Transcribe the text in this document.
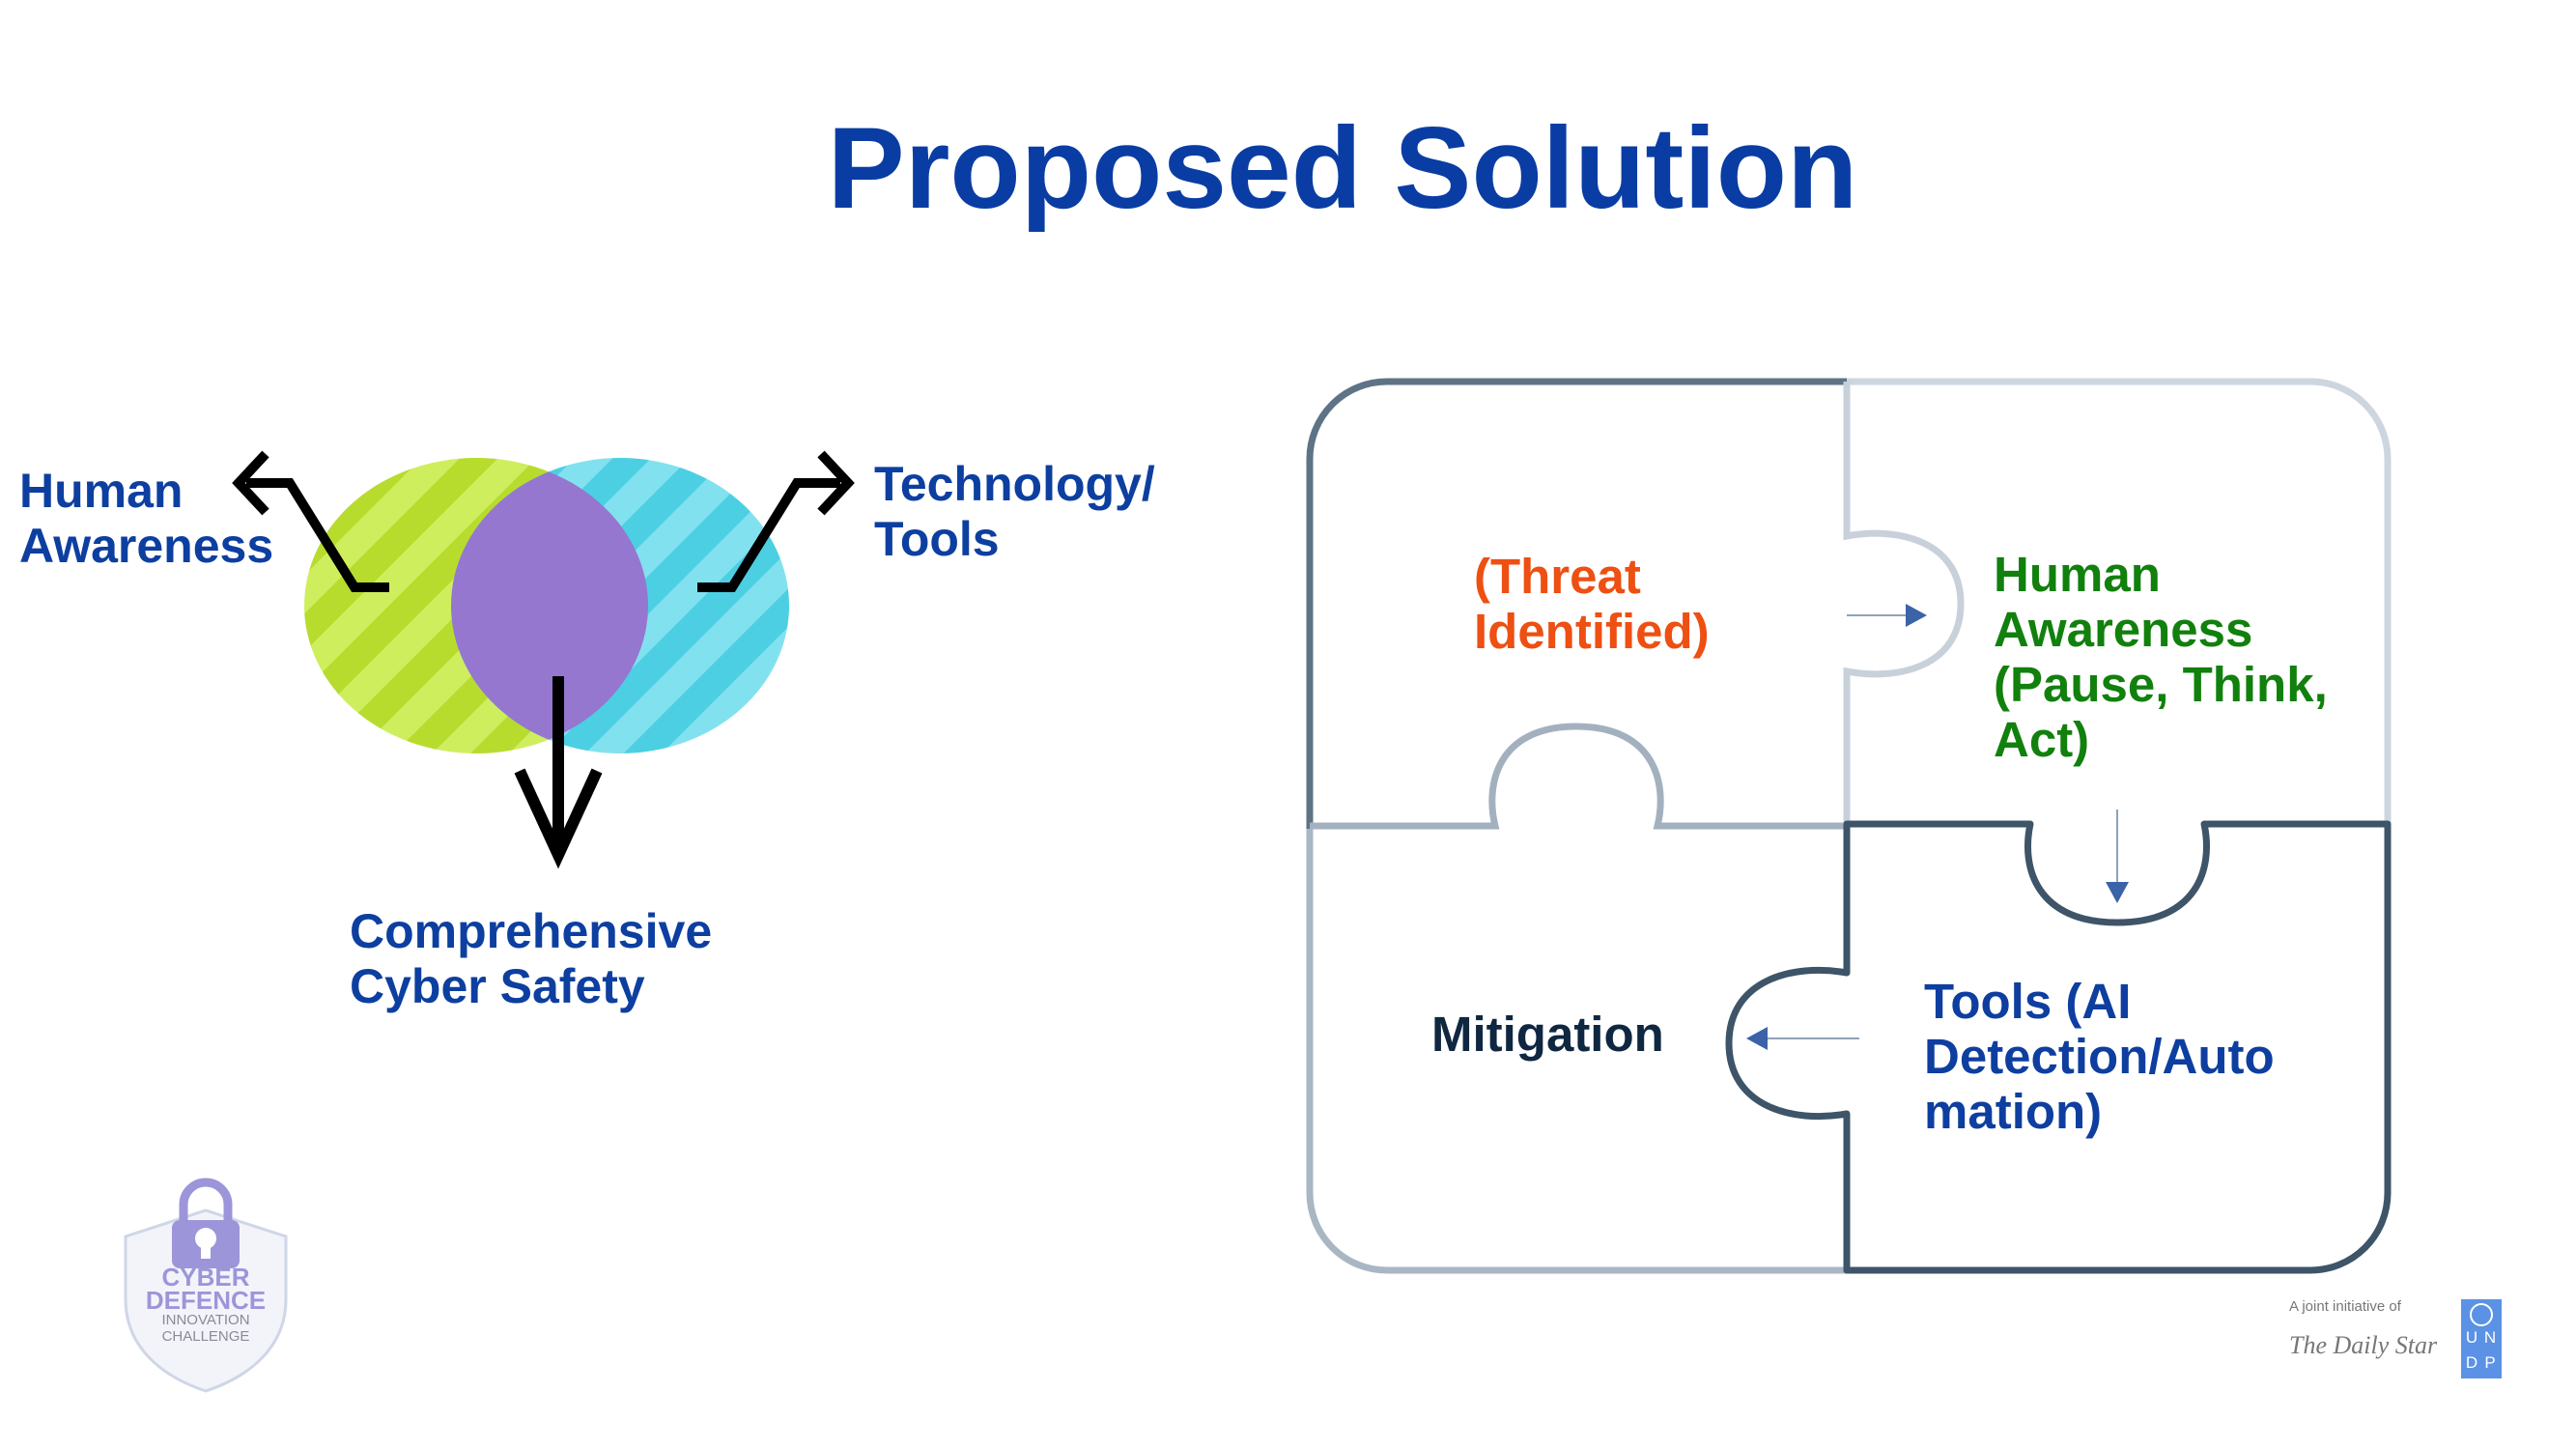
Proposed Solution
Human
Awareness
Technology/
Tools
Comprehensive
Cyber Safety
(Threat
Identified)
Human
Awareness
(Pause, Think,
Act)
Mitigation
Tools (AI
Detection/Auto
mation)
CYBER
DEFENCE
INNOVATION
CHALLENGE
A joint initiative of
The Daily Star U N
D P
